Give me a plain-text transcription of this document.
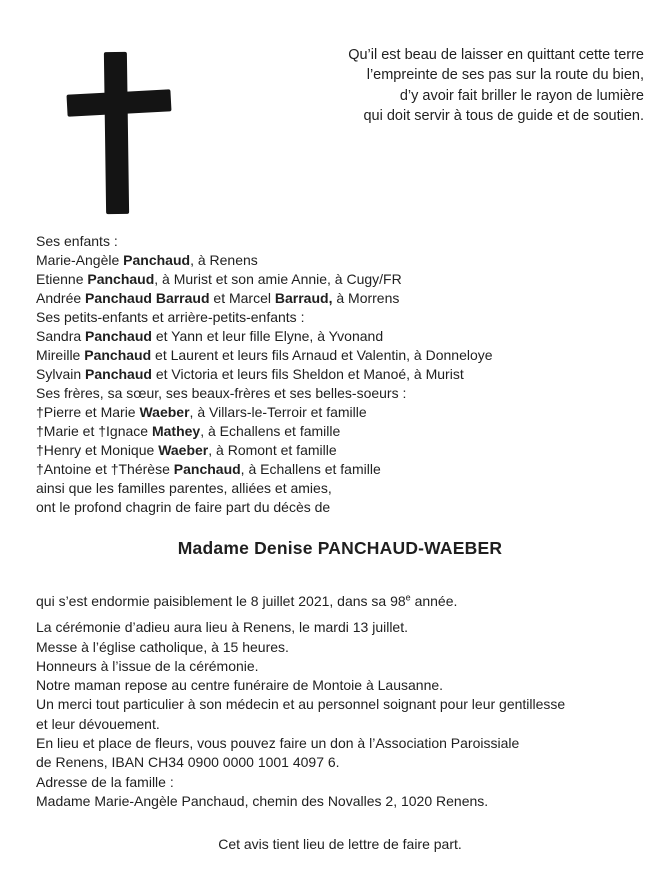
Qu’il est beau de laisser en quittant cette terre
l’empreinte de ses pas sur la route du bien,
d’y avoir fait briller le rayon de lumière
qui doit servir à tous de guide et de soutien.
Ses enfants :
Marie-Angèle Panchaud, à Renens
Etienne Panchaud, à Murist et son amie Annie, à Cugy/FR
Andrée Panchaud Barraud et Marcel Barraud, à Morrens
Ses petits-enfants et arrière-petits-enfants :
Sandra Panchaud et Yann et leur fille Elyne, à Yvonand
Mireille Panchaud et Laurent et leurs fils Arnaud et Valentin, à Donneloye
Sylvain Panchaud et Victoria et leurs fils Sheldon et Manoé, à Murist
Ses frères, sa sœur, ses beaux-frères et ses belles-soeurs :
†Pierre et Marie Waeber, à Villars-le-Terroir et famille
†Marie et †Ignace Mathey, à Echallens et famille
†Henry et Monique Waeber, à Romont et famille
†Antoine et †Thérèse Panchaud, à Echallens et famille
ainsi que les familles parentes, alliées et amies,
ont le profond chagrin de faire part du décès de
Madame Denise PANCHAUD-WAEBER

qui s’est endormie paisiblement le 8 juillet 2021, dans sa 98e année.

La cérémonie d’adieu aura lieu à Renens, le mardi 13 juillet.
Messe à l’église catholique, à 15 heures.
Honneurs à l’issue de la cérémonie.

Notre maman repose au centre funéraire de Montoie à Lausanne.

Un merci tout particulier à son médecin et au personnel soignant pour leur gentillesse
et leur dévouement.

En lieu et place de fleurs, vous pouvez faire un don à l’Association Paroissiale
de Renens, IBAN CH34 0900 0000 1001 4097 6.

Adresse de la famille :
Madame Marie-Angèle Panchaud, chemin des Novalles 2, 1020 Renens.

Cet avis tient lieu de lettre de faire part.
